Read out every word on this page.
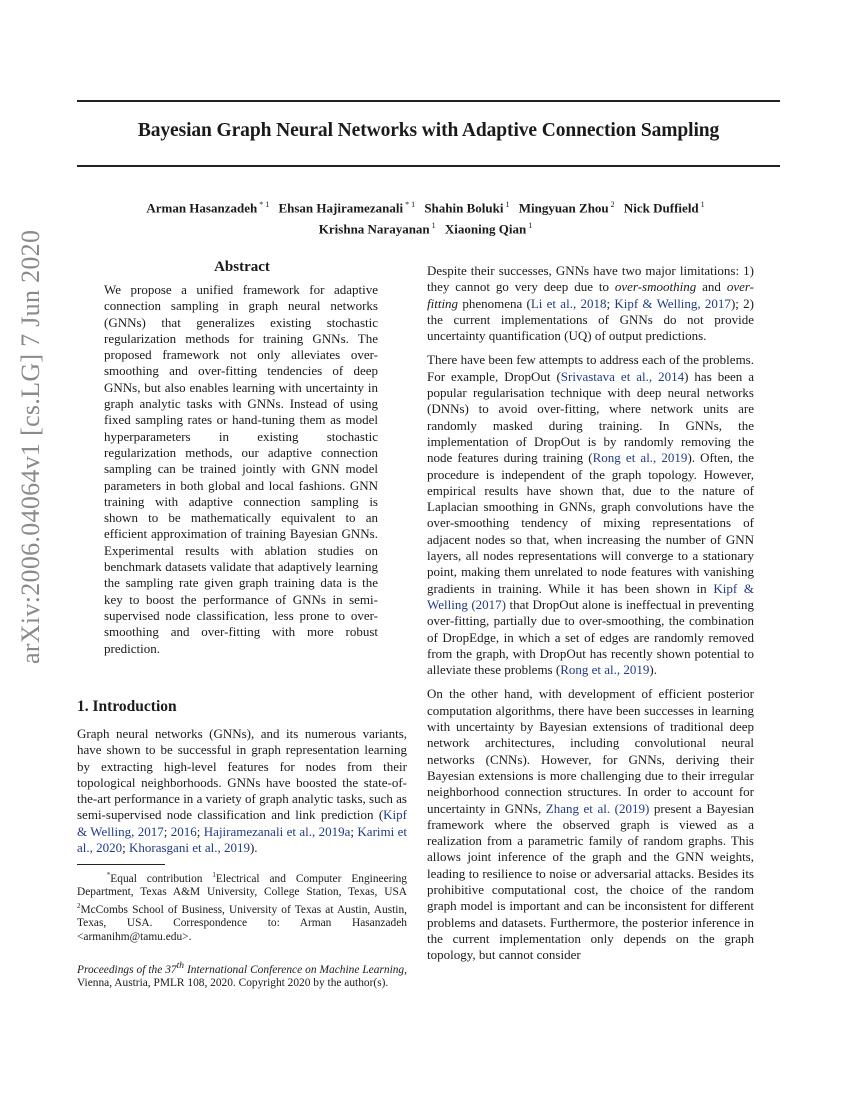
Bayesian Graph Neural Networks with Adaptive Connection Sampling
Arman Hasanzadeh $^{* 1}$ Ehsan Hajiramezanali $^{* 1}$ Shahin Boluki $^1$ Mingyuan Zhou $^2$ Nick Duffield $^1$
Krishna Narayanan $^1$ Xiaoning Qian $^1$
arXiv:2006.04064v1 [cs.LG] 7 Jun 2020	Abstract
We propose a unified framework for adaptive connection sampling in graph neural networks (GNNs) that generalizes existing stochastic regularization methods for training GNNs. The proposed framework not only alleviates over-smoothing and over-fitting tendencies of deep GNNs, but also enables learning with uncertainty in graph analytic tasks with GNNs. Instead of using fixed sampling rates or hand-tuning them as model hyperparameters in existing stochastic regularization methods, our adaptive connection sampling can be trained jointly with GNN model parameters in both global and local fashions. GNN training with adaptive connection sampling is shown to be mathematically equivalent to an efficient approximation of training Bayesian GNNs. Experimental results with ablation studies on benchmark datasets validate that adaptively learning the sampling rate given graph training data is the key to boost the performance of GNNs in semi-supervised node classification, less prone to over-smoothing and over-fitting with more robust prediction.
1. Introduction
Graph neural networks (GNNs), and its numerous variants, have shown to be successful in graph representation learning by extracting high-level features for nodes from their topological neighborhoods. GNNs have boosted the state-of-the-art performance in a variety of graph analytic tasks, such as semi-supervised node classification and link prediction (Kipf & Welling, 2017; 2016; Hajiramezanali et al., 2019a; Karimi et al., 2020; Khorasgani et al., 2019).
*Equal contribution $^1$Electrical and Computer Engineering Department, Texas A&M University, College Station, Texas, USA $^2$McCombs School of Business, University of Texas at Austin, Austin, Texas, USA. Correspondence to: Arman Hasanzadeh <armanihm@tamu.edu>.
Proceedings of the 37th International Conference on Machine Learning, Vienna, Austria, PMLR 108, 2020. Copyright 2020 by the author(s).

Despite their successes, GNNs have two major limitations: 1) they cannot go very deep due to over-smoothing and over-fitting phenomena (Li et al., 2018; Kipf & Welling, 2017); 2) the current implementations of GNNs do not provide uncertainty quantification (UQ) of output predictions.

There have been few attempts to address each of the problems. For example, DropOut (Srivastava et al., 2014) has been a popular regularisation technique with deep neural networks (DNNs) to avoid over-fitting, where network units are randomly masked during training. In GNNs, the implementation of DropOut is by randomly removing the node features during training (Rong et al., 2019). Often, the procedure is independent of the graph topology. However, empirical results have shown that, due to the nature of Laplacian smoothing in GNNs, graph convolutions have the over-smoothing tendency of mixing representations of adjacent nodes so that, when increasing the number of GNN layers, all nodes representations will converge to a stationary point, making them unrelated to node features with vanishing gradients in training. While it has been shown in Kipf & Welling (2017) that DropOut alone is ineffectual in preventing over-fitting, partially due to over-smoothing, the combination of DropEdge, in which a set of edges are randomly removed from the graph, with DropOut has recently shown potential to alleviate these problems (Rong et al., 2019).

On the other hand, with development of efficient posterior computation algorithms, there have been successes in learning with uncertainty by Bayesian extensions of traditional deep network architectures, including convolutional neural networks (CNNs). However, for GNNs, deriving their Bayesian extensions is more challenging due to their irregular neighborhood connection structures. In order to account for uncertainty in GNNs, Zhang et al. (2019) present a Bayesian framework where the observed graph is viewed as a realization from a parametric family of random graphs. This allows joint inference of the graph and the GNN weights, leading to resilience to noise or adversarial attacks. Besides its prohibitive computational cost, the choice of the random graph model is important and can be inconsistent for different problems and datasets. Furthermore, the posterior inference in the current implementation only depends on the graph topology, but cannot consider
